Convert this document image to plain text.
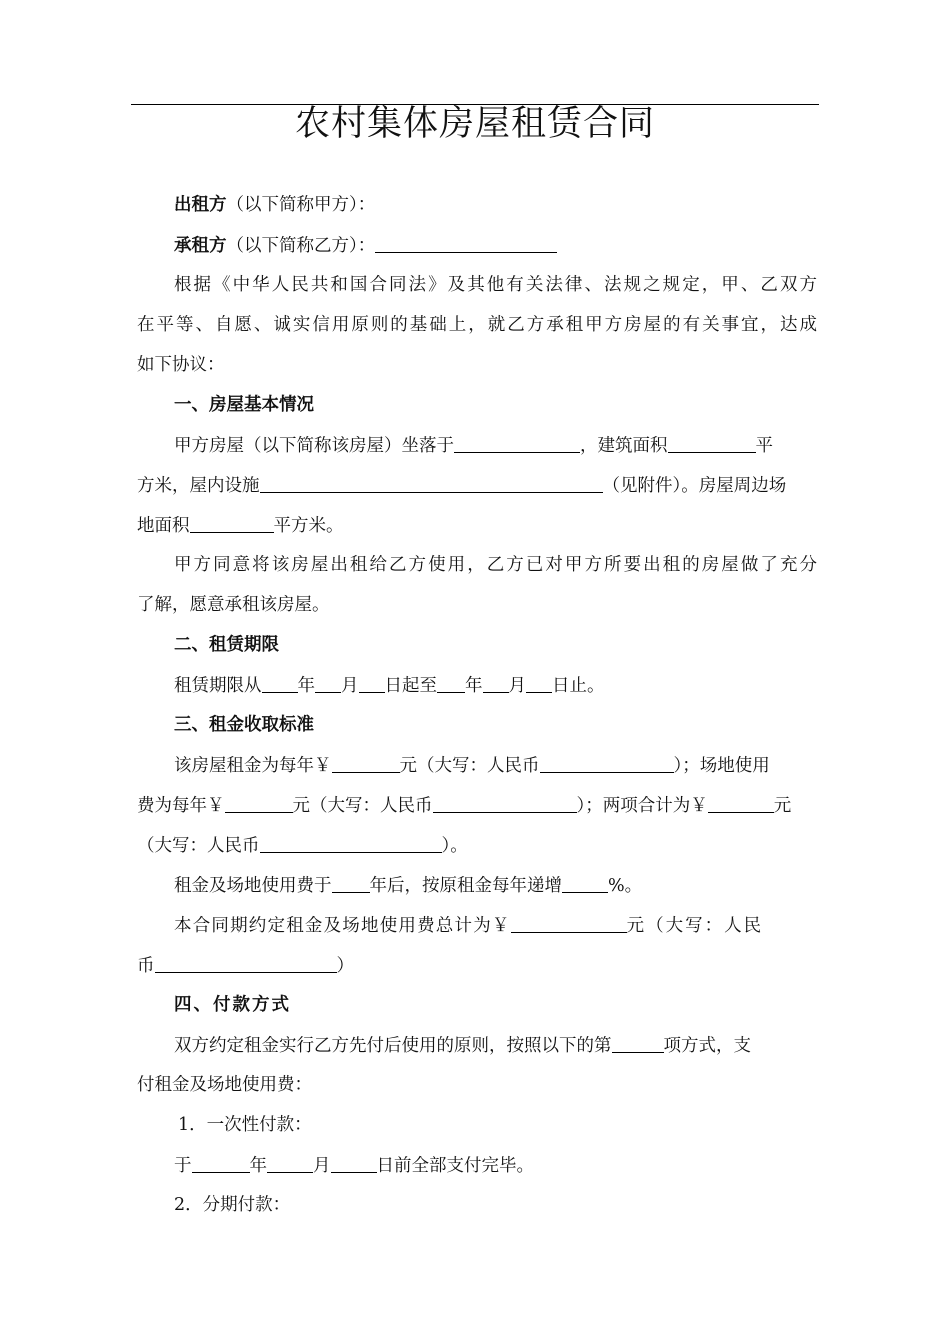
农村集体房屋租赁合同
出租方（以下简称甲方）：
承租方（以下简称乙方）：
根据《中华人民共和国合同法》及其他有关法律、法规之规定，甲、乙双方
在平等、自愿、诚实信用原则的基础上，就乙方承租甲方房屋的有关事宜，达成
如下协议：
一、房屋基本情况
甲方房屋（以下简称该房屋）坐落于	，建筑面积	平
方米，屋内设施	（见附件）。房屋周边场
地面积	平方米。
甲方同意将该房屋出租给乙方使用，乙方已对甲方所要出租的房屋做了充分
了解，愿意承租该房屋。
二、租赁期限
租赁期限从 年 月 日起至 年 月 日止。
三、租金收取标准
该房屋租金为每年￥	元（大写：人民币	）；场地使用
费为每年￥	元（大写：人民币	）；两项合计为￥	元
（大写：人民币	）。
租金及场地使用费于 年后，按原租金每年递增	%。
本合同期约定租金及场地使用费总计为￥	元（大写：人民
币	）
四、付款方式
双方约定租金实行乙方先付后使用的原则，按照以下的第	项方式，支
付租金及场地使用费：
1．一次性付款：
于	年	月	日前全部支付完毕。
2．分期付款：
